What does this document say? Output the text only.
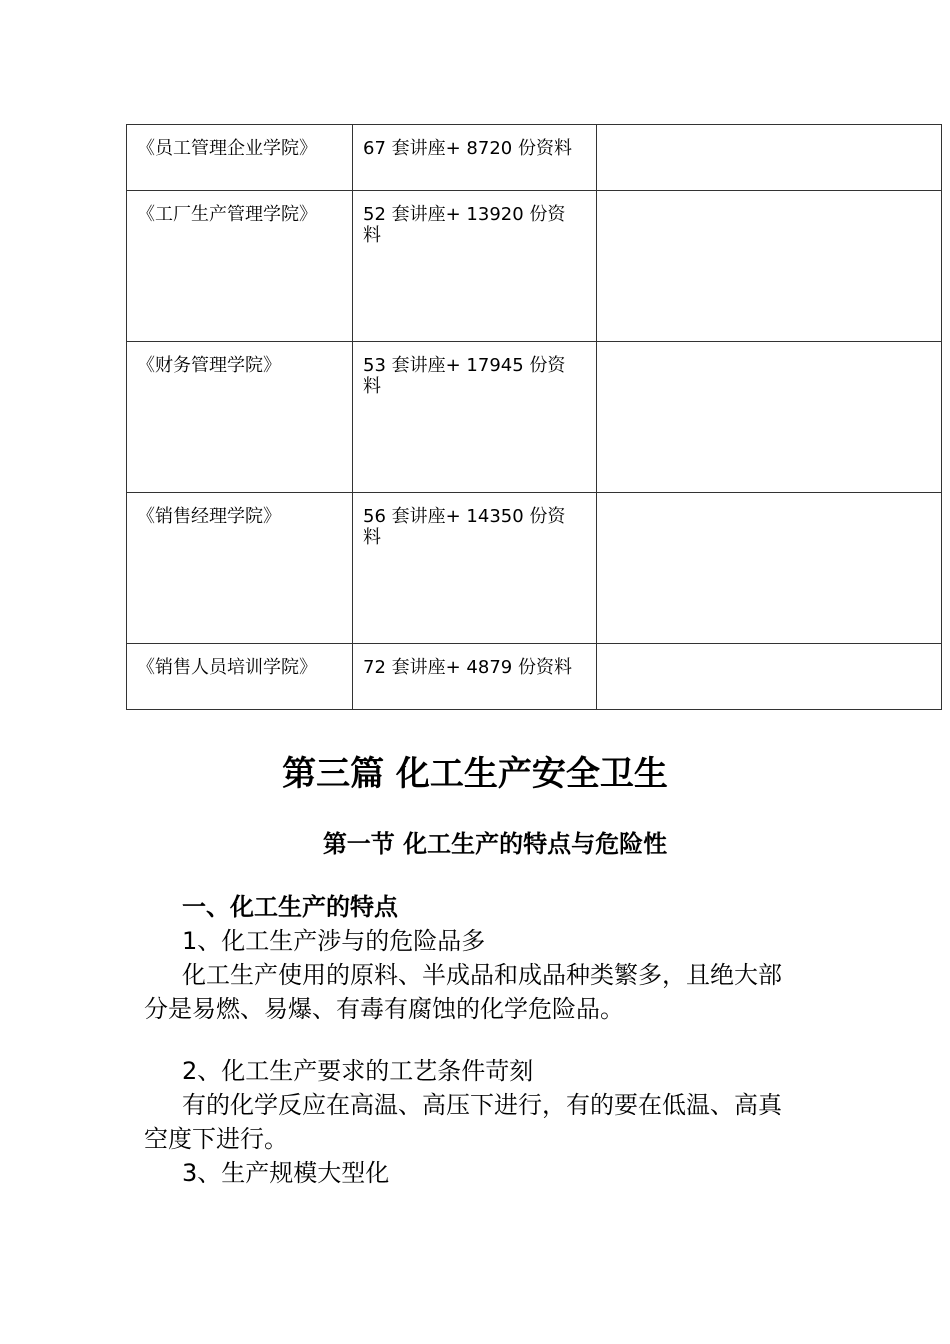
《员工管理企业学院》	67 套讲座+ 8720 份资料	
《工厂生产管理学院》	52 套讲座+ 13920 份资
料	

《财务管理学院》	53 套讲座+ 17945 份资
料	

《销售经理学院》	56 套讲座+ 14350 份资
料	

《销售人员培训学院》	72 套讲座+ 4879 份资料	
第三篇 化工生产安全卫生
第一节 化工生产的特点与危险性

一、化工生产的特点

1、化工生产涉与的危险品多

化工生产使用的原料、半成品和成品种类繁多，且绝大部分是易燃、易爆、有毒有腐蚀的化学危险品。

2、化工生产要求的工艺条件苛刻

有的化学反应在高温、高压下进行，有的要在低温、高真空度下进行。

3、生产规模大型化
